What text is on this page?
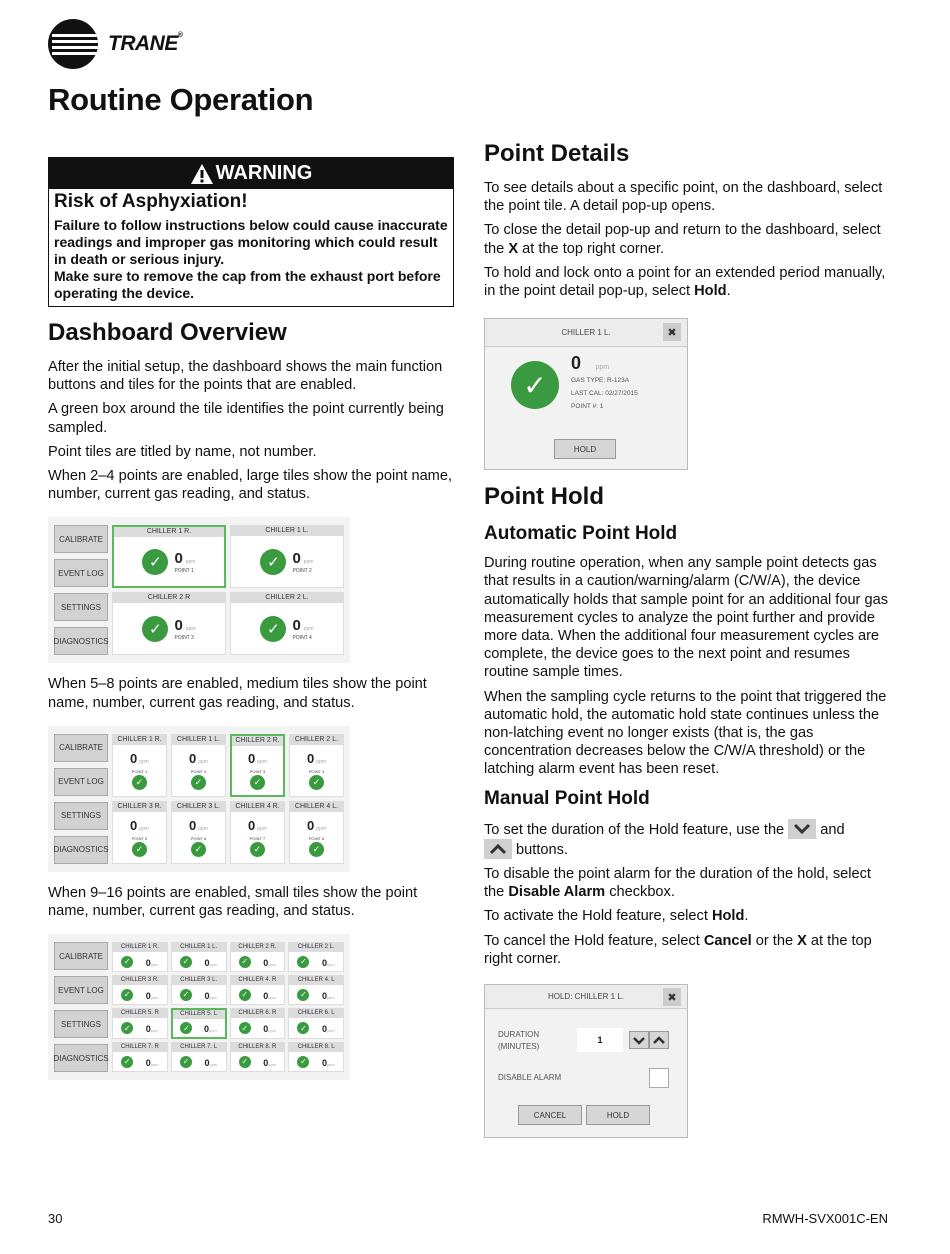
TRANE®
Routine Operation
WARNING
Risk of Asphyxiation!
Failure to follow instructions below could cause inaccurate readings and improper gas monitoring which could result in death or serious injury.
Make sure to remove the cap from the exhaust port before operating the device.
Dashboard Overview

After the initial setup, the dashboard shows the main function buttons and tiles for the points that are enabled.

A green box around the tile identifies the point currently being sampled.

Point tiles are titled by name, not number.

When 2–4 points are enabled, large tiles show the point name, number, current gas reading, and status.

CALIBRATE
EVENT LOG
SETTINGS
DIAGNOSTICS
CHILLER 1 R.
✓ 0 ppm
POINT 1
CHILLER 1 L.
✓ 0 ppm
POINT 2
CHILLER 2 R
✓ 0 ppm
POINT 3
CHILLER 2 L.
✓ 0 ppm
POINT 4

When 5–8 points are enabled, medium tiles show the point name, number, current gas reading, and status.

CALIBRATE
EVENT LOG
SETTINGS
DIAGNOSTICS
CHILLER 1 R.
0 ppm
POINT 1
✓
CHILLER 1 L.
0 ppm
POINT 2
✓
CHILLER 2 R.
0 ppm
POINT 3
✓
CHILLER 2 L.
0 ppm
POINT 4
✓
CHILLER 3 R.
0 ppm
POINT 5
✓
CHILLER 3 L.
0 ppm
POINT 6
✓
CHILLER 4 R.
0 ppm
POINT 7
✓
CHILLER 4 L.
0 ppm
POINT 8
✓

When 9–16 points are enabled, small tiles show the point name, number, current gas reading, and status.

CALIBRATE
EVENT LOG
SETTINGS
DIAGNOSTICS
CHILLER 1 R.
✓ 0ppm
CHILLER 1 L.
✓ 0ppm
CHILLER 2 R.
✓ 0ppm
CHILLER 2 L.
✓ 0ppm
CHILLER 3 R.
✓ 0ppm
CHILLER 3 L.
✓ 0ppm
CHILLER 4. R
✓ 0ppm
CHILLER 4. L
✓ 0ppm
CHILLER 5. R
✓ 0ppm
CHILLER 5. L
✓ 0ppm
CHILLER 6. R
✓ 0ppm
CHILLER 6. L
✓ 0ppm
CHILLER 7. R
✓ 0ppm
CHILLER 7. L
✓ 0ppm
CHILLER 8. R
✓ 0ppm
CHILLER 8. L
✓ 0ppm
Point Details

To see details about a specific point, on the dashboard, select the point tile. A detail pop-up opens.

To close the detail pop-up and return to the dashboard, select the X at the top right corner.

To hold and lock onto a point for an extended period manually, in the point detail pop-up, select Hold.

CHILLER 1 L.	✖
✓
0 ppm
GAS TYPE: R-123A
LAST CAL: 02/27/2015
POINT #: 1
HOLD
Point Hold
Automatic Point Hold

During routine operation, when any sample point detects gas that results in a caution/warning/alarm (C/W/A), the device automatically holds that sample point for an additional four gas measurement cycles to analyze the point further and provide more data. When the additional four measurement cycles are complete, the device goes to the next point and resumes routine sample times.

When the sampling cycle returns to the point that triggered the automatic hold, the automatic hold state continues unless the non-latching event no longer exists (that is, the gas concentration decreases below the C/W/A threshold) or the latching alarm event has been reset.

Manual Point Hold

To set the duration of the Hold feature, use the
and

buttons.

To disable the point alarm for the duration of the hold, select the Disable Alarm checkbox.

To activate the Hold feature, select Hold.

To cancel the Hold feature, select Cancel or the X at the top right corner.

HOLD: CHILLER 1 L.	✖
DURATION
(MINUTES)
1
DISABLE ALARM
CANCEL	HOLD
30	RMWH-SVX001C-EN
